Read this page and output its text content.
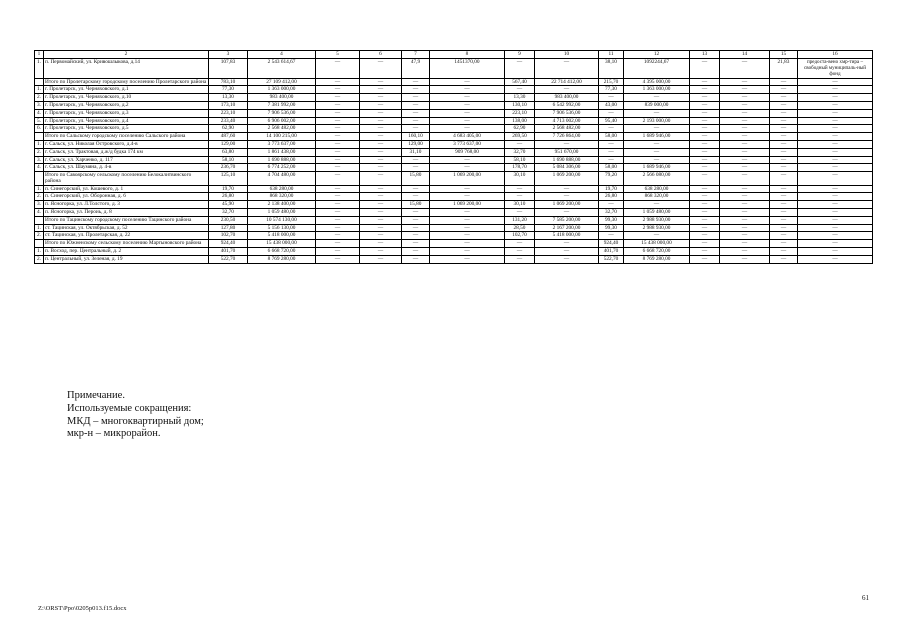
1	2	3	4	5	6	7	8	9	10	11	12	13	14	15	16
1.	п. Первомайский, ул. Кривошлыкова, д.14	107,83	2 543 614,67	—	—	47,9	1451370,00	—	—	38,10	1092244,67	—	—	21,83	предоста-вено хмр-тира – свободный муниципаль-ный фонд
	Итого по Пролетарскому городскому поселению Пролетарского района	783,10	27 109 412,00	—	—	—	—	567,40	22 714 412,00	215,70	4 395 000,00	—	—	—	—
1.	г. Пролетарск, ул. Черняховского, д.1	77,30	1 363 000,00	—	—	—	—	—	—	77,30	1 363 000,00	—	—	—	—
2.	г. Пролетарск, ул. Черняховского, д.10	13,30	983 400,00	—	—	—	—	13,30	983 400,00	—	—	—	—	—	—
3.	г. Пролетарск, ул. Черняховского, д.2	173,10	7 381 992,00	—	—	—	—	130,10	6 542 992,00	43,00	839 000,00	—	—	—	—
4.	г. Пролетарск, ул. Черняховского, д.3	223,10	7 906 536,00	—	—	—	—	223,10	7 906 536,00	—	—	—	—	—	—
5.	г. Пролетарск, ул. Черняховского, д.4	233,40	6 906 002,00	—	—	—	—	138,00	4 713 002,00	95,40	2 193 000,00	—	—	—	—
6.	г. Пролетарск, ул. Черняховского, д.5	62,90	2 568 482,00	—	—	—	—	62,90	2 568 482,00	—	—	—	—	—	—
	Итого по Сальскому городскому поселению Сальского района	487,60	14 100 215,00	—	—	160,10	4 683 405,00	269,50	7 726 864,00	58,00	1 689 946,00	—	—	—	—
1.	г. Сальск, ул. Николая Островского, д.4-в	129,00	3 773 637,00	—	—	129,00	3 773 637,00	—	—	—	—	—	—	—	—
2.	г. Сальск, ул. Трактовая, д.ж/д будка 174 км	63,80	1 861 438,00	—	—	31,10	909 768,00	32,70	951 670,00	—	—	—	—	—	—
3.	г. Сальск, ул. Харченко, д. 117	58,10	1 690 888,00	—	—	—	—	58,10	1 690 888,00	—	—	—	—	—	—
4.	г. Сальск, ул. Шаумяна, д. 4-в	236,70	6 774 252,00	—	—	—	—	178,70	5 084 306,00	58,00	1 689 946,00	—	—	—	—
	Итого по Савоярскому сельскому поселению Белокалитвинского района	125,10	4 704 480,00	—	—	15,80	1 069 200,00	30,10	1 069 200,00	79,20	2 566 080,00	—	—	—	—
1.	п. Синегорский, ул. Кошевого, д. 1	19,70	638 280,00	—	—	—	—	—	—	19,70	638 280,00	—	—	—	—
2.	п. Синегорский, ул. Оборонная, д. 6	26,80	868 320,00	—	—	—	—	—	—	26,80	868 320,00	—	—	—	—
3.	п. Ясногорка, ул. Л.Толстого, д. 3	45,90	2 138 400,00	—	—	15,80	1 069 200,00	30,10	1 069 200,00	—	—	—	—	—	—
4.	п. Ясногорка, ул. Пероиь, д. 8	32,70	1 059 480,00	—	—	—	—	—	—	32,70	1 059 480,00	—	—	—	—
	Итого по Тацинскому городскому поселению Тацинского района	230,50	10 574 130,00	—	—	—	—	131,20	7 585 200,00	99,30	2 988 930,00	—	—	—	—
1.	ст. Тацинская, ул. Октябрьская, д. 52	127,80	5 156 130,00	—	—	—	—	28,50	2 167 200,00	99,30	2 988 930,00	—	—	—	—
2.	ст. Тацинская, ул. Пролетарская, д. 22	102,70	5 418 000,00	—	—	—	—	102,70	5 418 000,00	—	—	—	—	—	—
	Итого по Южненскому сельскому поселению Мартыновского района	924,40	15 438 000,00	—	—	—	—	—	—	924,40	15 438 000,00	—	—	—	—
1.	п. Восход, пер. Центральный, д. 2	401,70	6 668 720,00	—	—	—	—	—	—	401,70	6 668 720,00	—	—	—	—
2.	п. Центральный, ул. Зеленая, д. 19	522,70	8 769 280,00	—	—	—	—	—	—	522,70	8 769 280,00	—	—	—	—
Примечание.
Используемые сокращения:
МКД – многоквартирный дом;
мкр-н – микрорайон.
61
Z:\ORST\Ppo\0205p013.f15.docx
